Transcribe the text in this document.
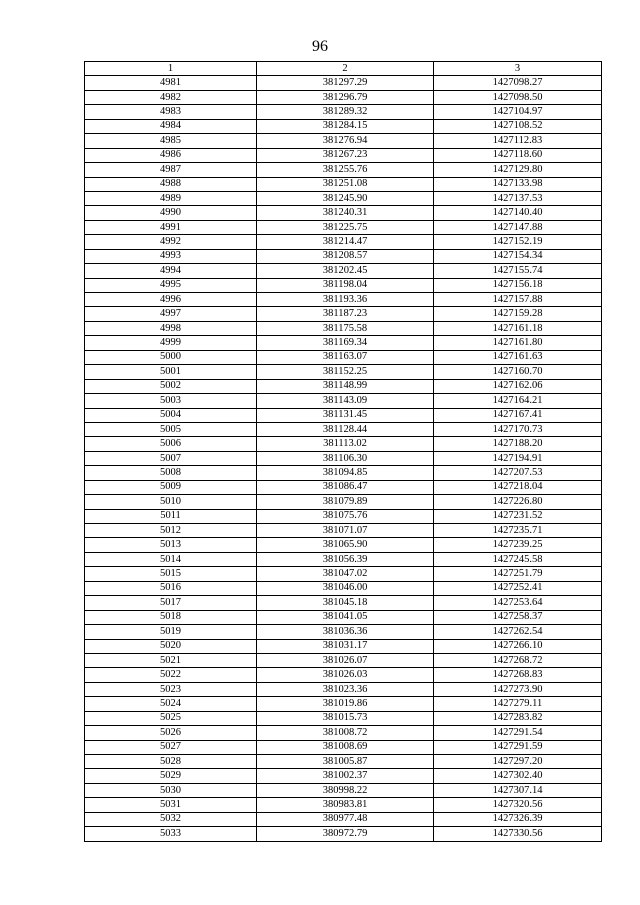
96
1	2	3
4981	381297.29	1427098.27
4982	381296.79	1427098.50
4983	381289.32	1427104.97
4984	381284.15	1427108.52
4985	381276.94	1427112.83
4986	381267.23	1427118.60
4987	381255.76	1427129.80
4988	381251.08	1427133.98
4989	381245.90	1427137.53
4990	381240.31	1427140.40
4991	381225.75	1427147.88
4992	381214.47	1427152.19
4993	381208.57	1427154.34
4994	381202.45	1427155.74
4995	381198.04	1427156.18
4996	381193.36	1427157.88
4997	381187.23	1427159.28
4998	381175.58	1427161.18
4999	381169.34	1427161.80
5000	381163.07	1427161.63
5001	381152.25	1427160.70
5002	381148.99	1427162.06
5003	381143.09	1427164.21
5004	381131.45	1427167.41
5005	381128.44	1427170.73
5006	381113.02	1427188.20
5007	381106.30	1427194.91
5008	381094.85	1427207.53
5009	381086.47	1427218.04
5010	381079.89	1427226.80
5011	381075.76	1427231.52
5012	381071.07	1427235.71
5013	381065.90	1427239.25
5014	381056.39	1427245.58
5015	381047.02	1427251.79
5016	381046.00	1427252.41
5017	381045.18	1427253.64
5018	381041.05	1427258.37
5019	381036.36	1427262.54
5020	381031.17	1427266.10
5021	381026.07	1427268.72
5022	381026.03	1427268.83
5023	381023.36	1427273.90
5024	381019.86	1427279.11
5025	381015.73	1427283.82
5026	381008.72	1427291.54
5027	381008.69	1427291.59
5028	381005.87	1427297.20
5029	381002.37	1427302.40
5030	380998.22	1427307.14
5031	380983.81	1427320.56
5032	380977.48	1427326.39
5033	380972.79	1427330.56
